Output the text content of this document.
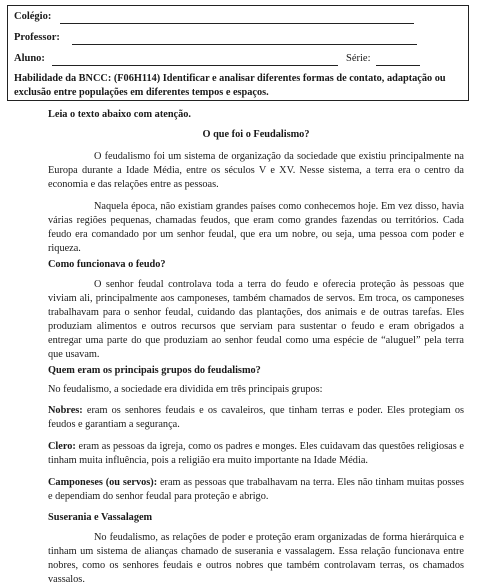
Colégio:
Professor:
Aluno:	Série:
Habilidade da BNCC: (F06H114) Identificar e analisar diferentes formas de contato, adaptação ou exclusão entre populações em diferentes tempos e espaços.

Leia o texto abaixo com atenção.

O que foi o Feudalismo?

O feudalismo foi um sistema de organização da sociedade que existiu principalmente na Europa durante a Idade Média, entre os séculos V e XV. Nesse sistema, a terra era o centro da economia e das relações entre as pessoas.

Naquela época, não existiam grandes países como conhecemos hoje. Em vez disso, havia várias regiões pequenas, chamadas feudos, que eram como grandes fazendas ou territórios. Cada feudo era comandado por um senhor feudal, que era um nobre, ou seja, uma pessoa com poder e riqueza.

Como funcionava o feudo?

O senhor feudal controlava toda a terra do feudo e oferecia proteção às pessoas que viviam ali, principalmente aos camponeses, também chamados de servos. Em troca, os camponeses trabalhavam para o senhor feudal, cuidando das plantações, dos animais e de outras tarefas. Eles produziam alimentos e outros recursos que serviam para sustentar o feudo e eram obrigados a entregar uma parte do que produziam ao senhor feudal como uma espécie de “aluguel” pela terra que usavam.

Quem eram os principais grupos do feudalismo?

No feudalismo, a sociedade era dividida em três principais grupos:

Nobres: eram os senhores feudais e os cavaleiros, que tinham terras e poder. Eles protegiam os feudos e garantiam a segurança.

Clero: eram as pessoas da igreja, como os padres e monges. Eles cuidavam das questões religiosas e tinham muita influência, pois a religião era muito importante na Idade Média.

Camponeses (ou servos): eram as pessoas que trabalhavam na terra. Eles não tinham muitas posses e dependiam do senhor feudal para proteção e abrigo.

Suserania e Vassalagem

No feudalismo, as relações de poder e proteção eram organizadas de forma hierárquica e tinham um sistema de alianças chamado de suserania e vassalagem. Essa relação funcionava entre nobres, como os senhores feudais e outros nobres que também controlavam terras, os chamados vassalos.
